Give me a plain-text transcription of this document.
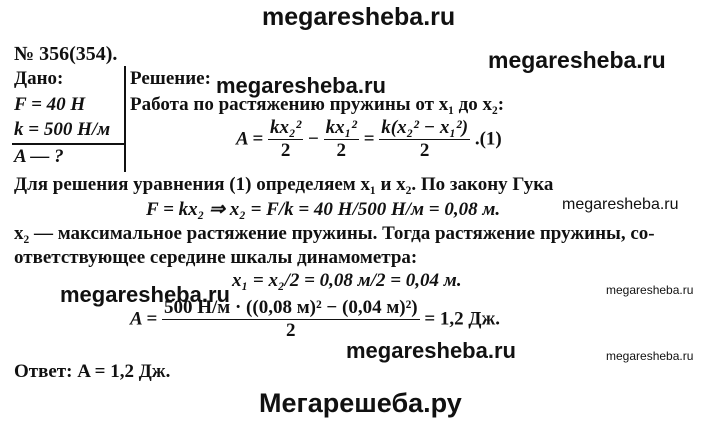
megaresheba.ru
megaresheba.ru
megaresheba.ru
megaresheba.ru
megaresheba.ru	megaresheba.ru
megaresheba.ru	megaresheba.ru
Мегарешеба.ру
№ 356(354).
Дано:
F = 40 Н
k = 500 Н/м
A — ?
Решение:
Работа по растяжению пружины от x₁ до x₂:
$A = \frac{\text{kx₂²}}{2} - \frac{\text{kx₁²}}{2} = \frac{\text{k(x₂² − x₁²)}}{2} .(1)$
Для решения уравнения (1) определяем x₁ и x₂. По закону Гука
F = kx₂ ⇒ x₂ = F/k = 40 Н/500 Н/м = 0,08 м.
x₂ — максимальное растяжение пружины. Тогда растяжение пружины, со-
ответствующее середине шкалы динамометра:
x₁ = x₂/2 = 0,08 м/2 = 0,04 м.
$A = \frac{\text{500 Н/м · ((0,08 м)² − (0,04 м)²)}}{2} = 1,2$ Дж.
Ответ: A = 1,2 Дж.
